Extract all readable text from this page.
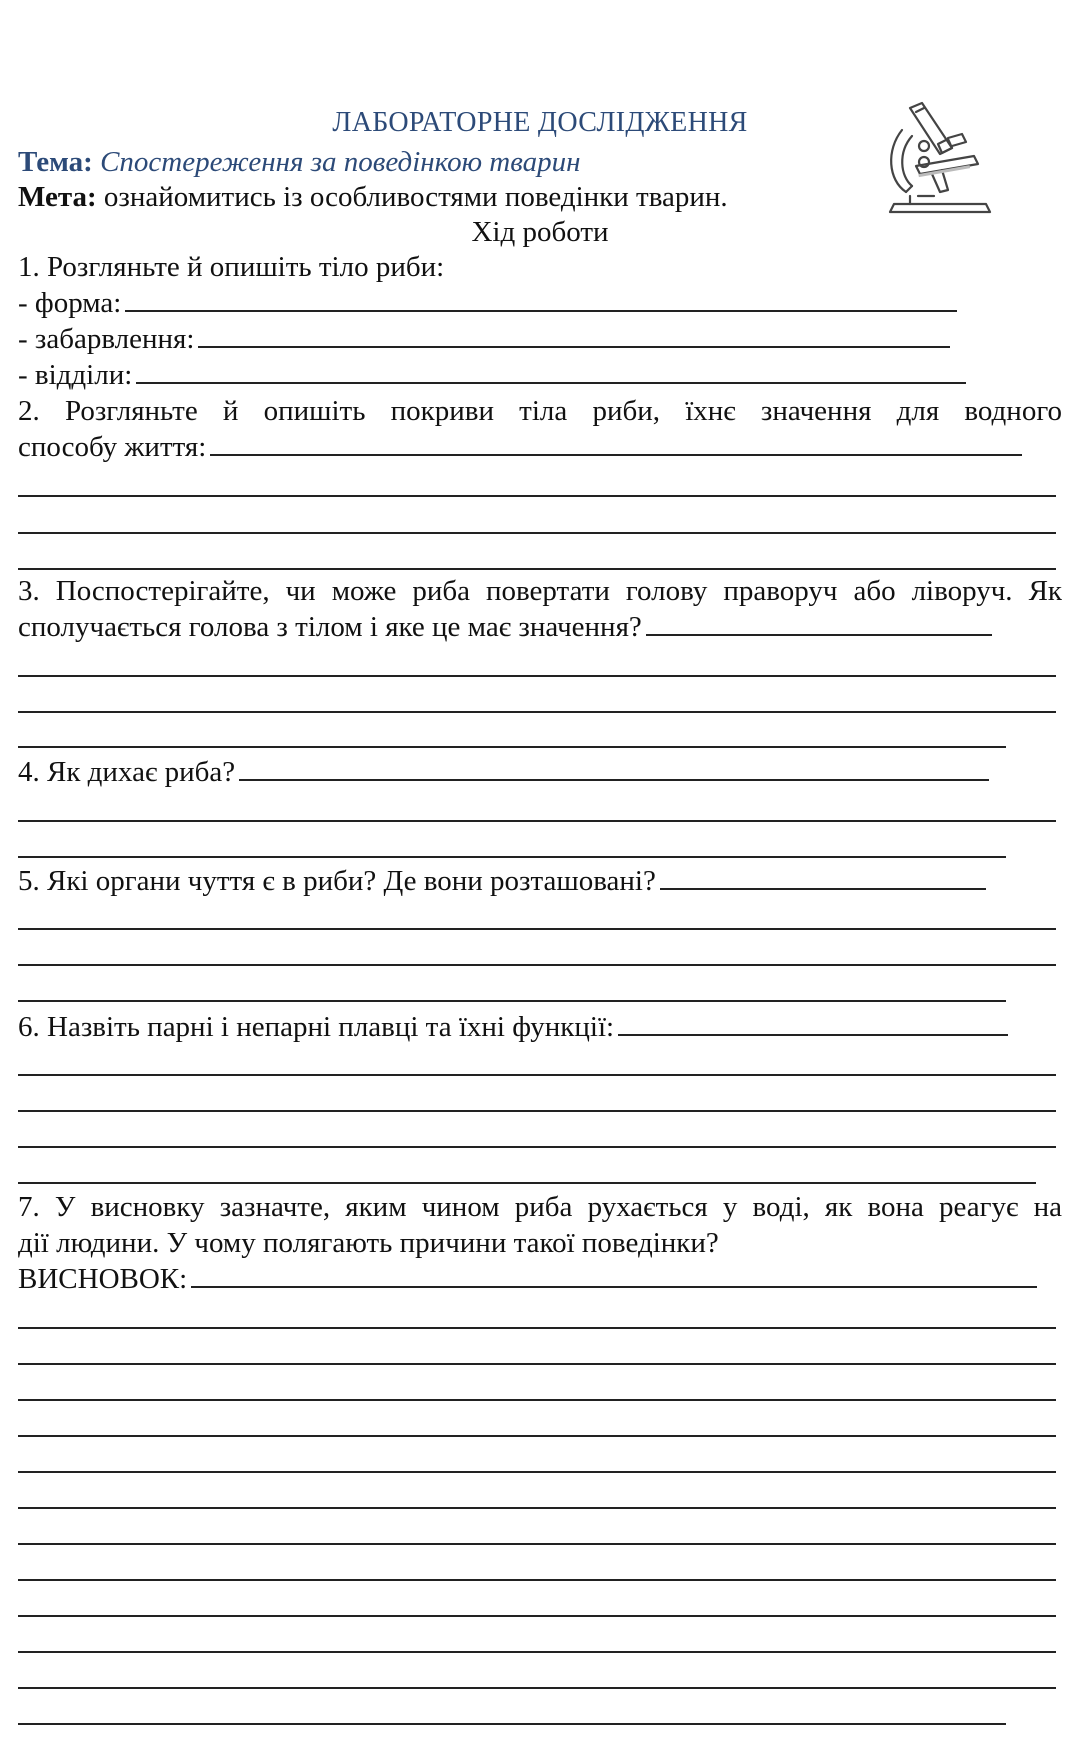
ЛАБОРАТОРНЕ ДОСЛІДЖЕННЯ
Тема: Спостереження за поведінкою тварин
Мета: ознайомитись із особливостями поведінки тварин.
Хід роботи
1. Розгляньте й опишіть тіло риби:
- форма:
- забарвлення:
- відділи:
2. Розгляньте й опишіть покриви тіла риби, їхнє значення для водного
способу життя:
3. Поспостерігайте, чи може риба повертати голову праворуч або ліворуч. Як
сполучається голова з тілом і яке це має значення?
4. Як дихає риба?
5. Які органи чуття є в риби? Де вони розташовані?
6. Назвіть парні і непарні плавці та їхні функції:
7. У висновку зазначте, яким чином риба рухається у воді, як вона реагує на
дії людини. У чому полягають причини такої поведінки?
ВИСНОВОК:
